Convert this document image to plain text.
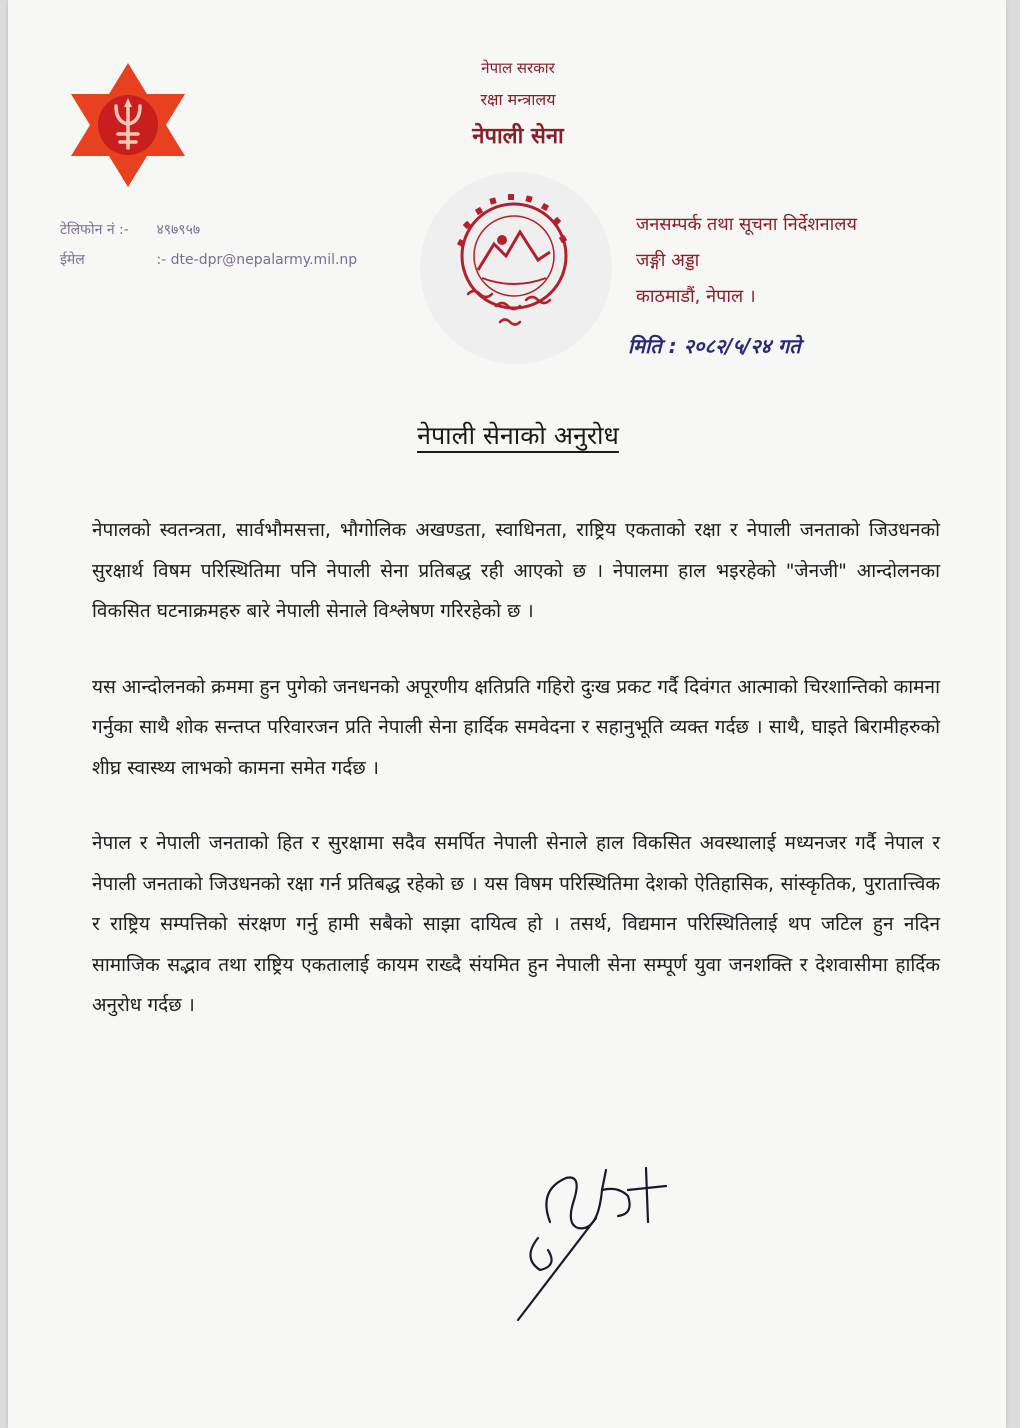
नेपाल सरकार
रक्षा मन्त्रालय
नेपाली सेना
टेलिफोन नं :- ४९७९५७
ईमेल	:- dte-dpr@nepalarmy.mil.np
जनसम्पर्क तथा सूचना निर्देशनालय
जङ्गी अड्डा
काठमाडौं, नेपाल ।
मिति : २०८२/५/२४ गते
नेपाली सेनाको अनुरोध

नेपालको स्वतन्त्रता, सार्वभौमसत्ता, भौगोलिक अखण्डता, स्वाधिनता, राष्ट्रिय एकताको रक्षा र नेपाली जनताको जिउधनको सुरक्षार्थ विषम परिस्थितिमा पनि नेपाली सेना प्रतिबद्ध रही आएको छ । नेपालमा हाल भइरहेको "जेनजी" आन्दोलनका विकसित घटनाक्रमहरु बारे नेपाली सेनाले विश्लेषण गरिरहेको छ ।

यस आन्दोलनको क्रममा हुन पुगेको जनधनको अपूरणीय क्षतिप्रति गहिरो दुःख प्रकट गर्दै दिवंगत आत्माको चिरशान्तिको कामना गर्नुका साथै शोक सन्तप्त परिवारजन प्रति नेपाली सेना हार्दिक समवेदना र सहानुभूति व्यक्त गर्दछ । साथै, घाइते बिरामीहरुको शीघ्र स्वास्थ्य लाभको कामना समेत गर्दछ ।

नेपाल र नेपाली जनताको हित र सुरक्षामा सदैव समर्पित नेपाली सेनाले हाल विकसित अवस्थालाई मध्यनजर गर्दै नेपाल र नेपाली जनताको जिउधनको रक्षा गर्न प्रतिबद्ध रहेको छ । यस विषम परिस्थितिमा देशको ऐतिहासिक, सांस्कृतिक, पुरातात्त्विक र राष्ट्रिय सम्पत्तिको संरक्षण गर्नु हामी सबैको साझा दायित्व हो । तसर्थ, विद्यमान परिस्थितिलाई थप जटिल हुन नदिन सामाजिक सद्भाव तथा राष्ट्रिय एकतालाई कायम राख्दै संयमित हुन नेपाली सेना सम्पूर्ण युवा जनशक्ति र देशवासीमा हार्दिक अनुरोध गर्दछ ।
